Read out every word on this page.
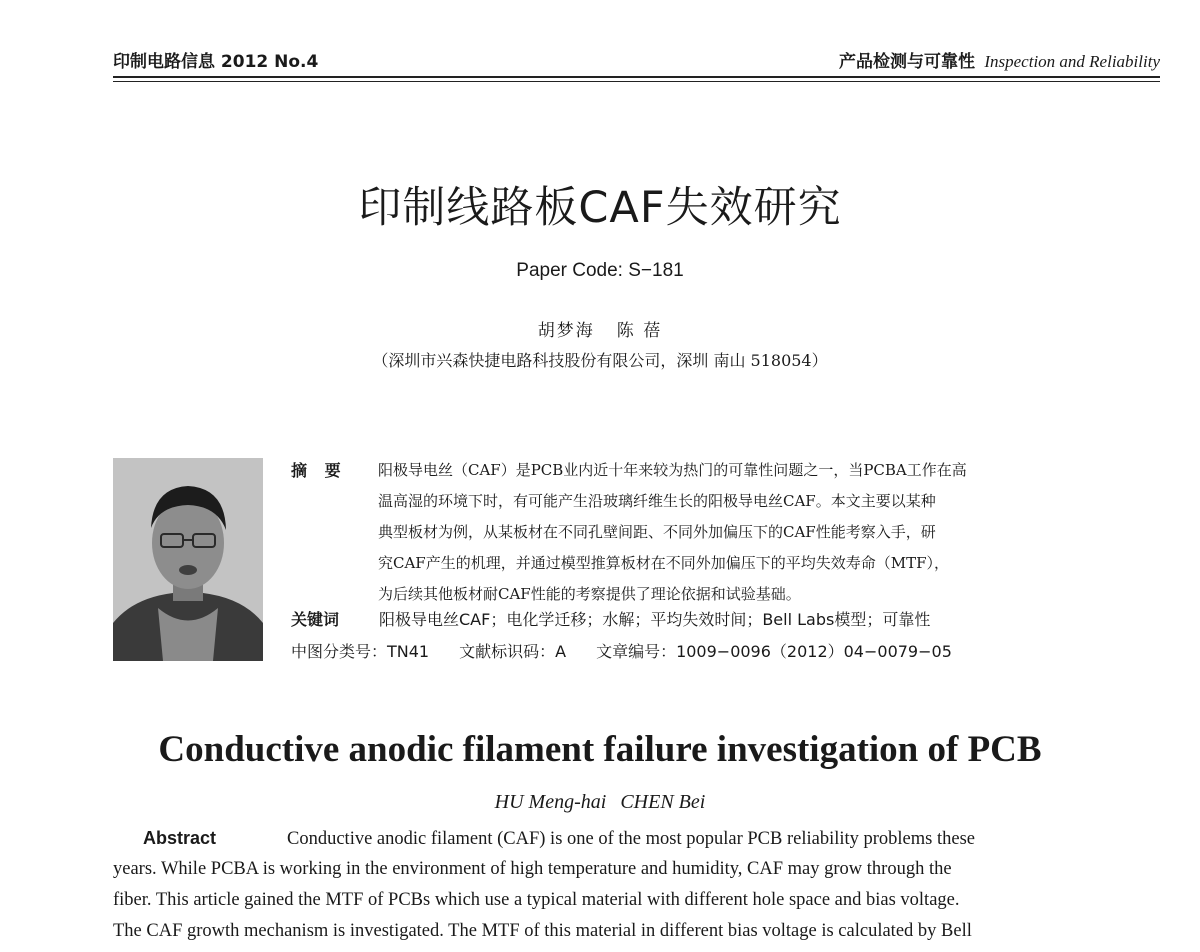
印制电路信息 2012 No.4	产品检测与可靠性 Inspection and Reliability
印制线路板CAF失效研究
Paper Code: S−181
胡梦海 陈 蓓
（深圳市兴森快捷电路科技股份有限公司，深圳 南山 518054）
摘 要 阳极导电丝（CAF）是PCB业内近十年来较为热门的可靠性问题之一，当PCBA工作在高
温高湿的环境下时，有可能产生沿玻璃纤维生长的阳极导电丝CAF。本文主要以某种
典型板材为例，从某板材在不同孔壁间距、不同外加偏压下的CAF性能考察入手，研
究CAF产生的机理，并通过模型推算板材在不同外加偏压下的平均失效寿命（MTF），
为后续其他板材耐CAF性能的考察提供了理论依据和试验基础。
关键词 阳极导电丝CAF；电化学迁移；水解；平均失效时间；Bell Labs模型；可靠性
中图分类号：TN41 文献标识码：A 文章编号：1009−0096（2012）04−0079−05
Conductive anodic filament failure investigation of PCB
HU Meng-hai CHEN Bei
Abstract	Conductive anodic filament (CAF) is one of the most popular PCB reliability problems these
years. While PCBA is working in the environment of high temperature and humidity, CAF may grow through the
fiber. This article gained the MTF of PCBs which use a typical material with different hole space and bias voltage.
The CAF growth mechanism is investigated. The MTF of this material in different bias voltage is calculated by Bell
